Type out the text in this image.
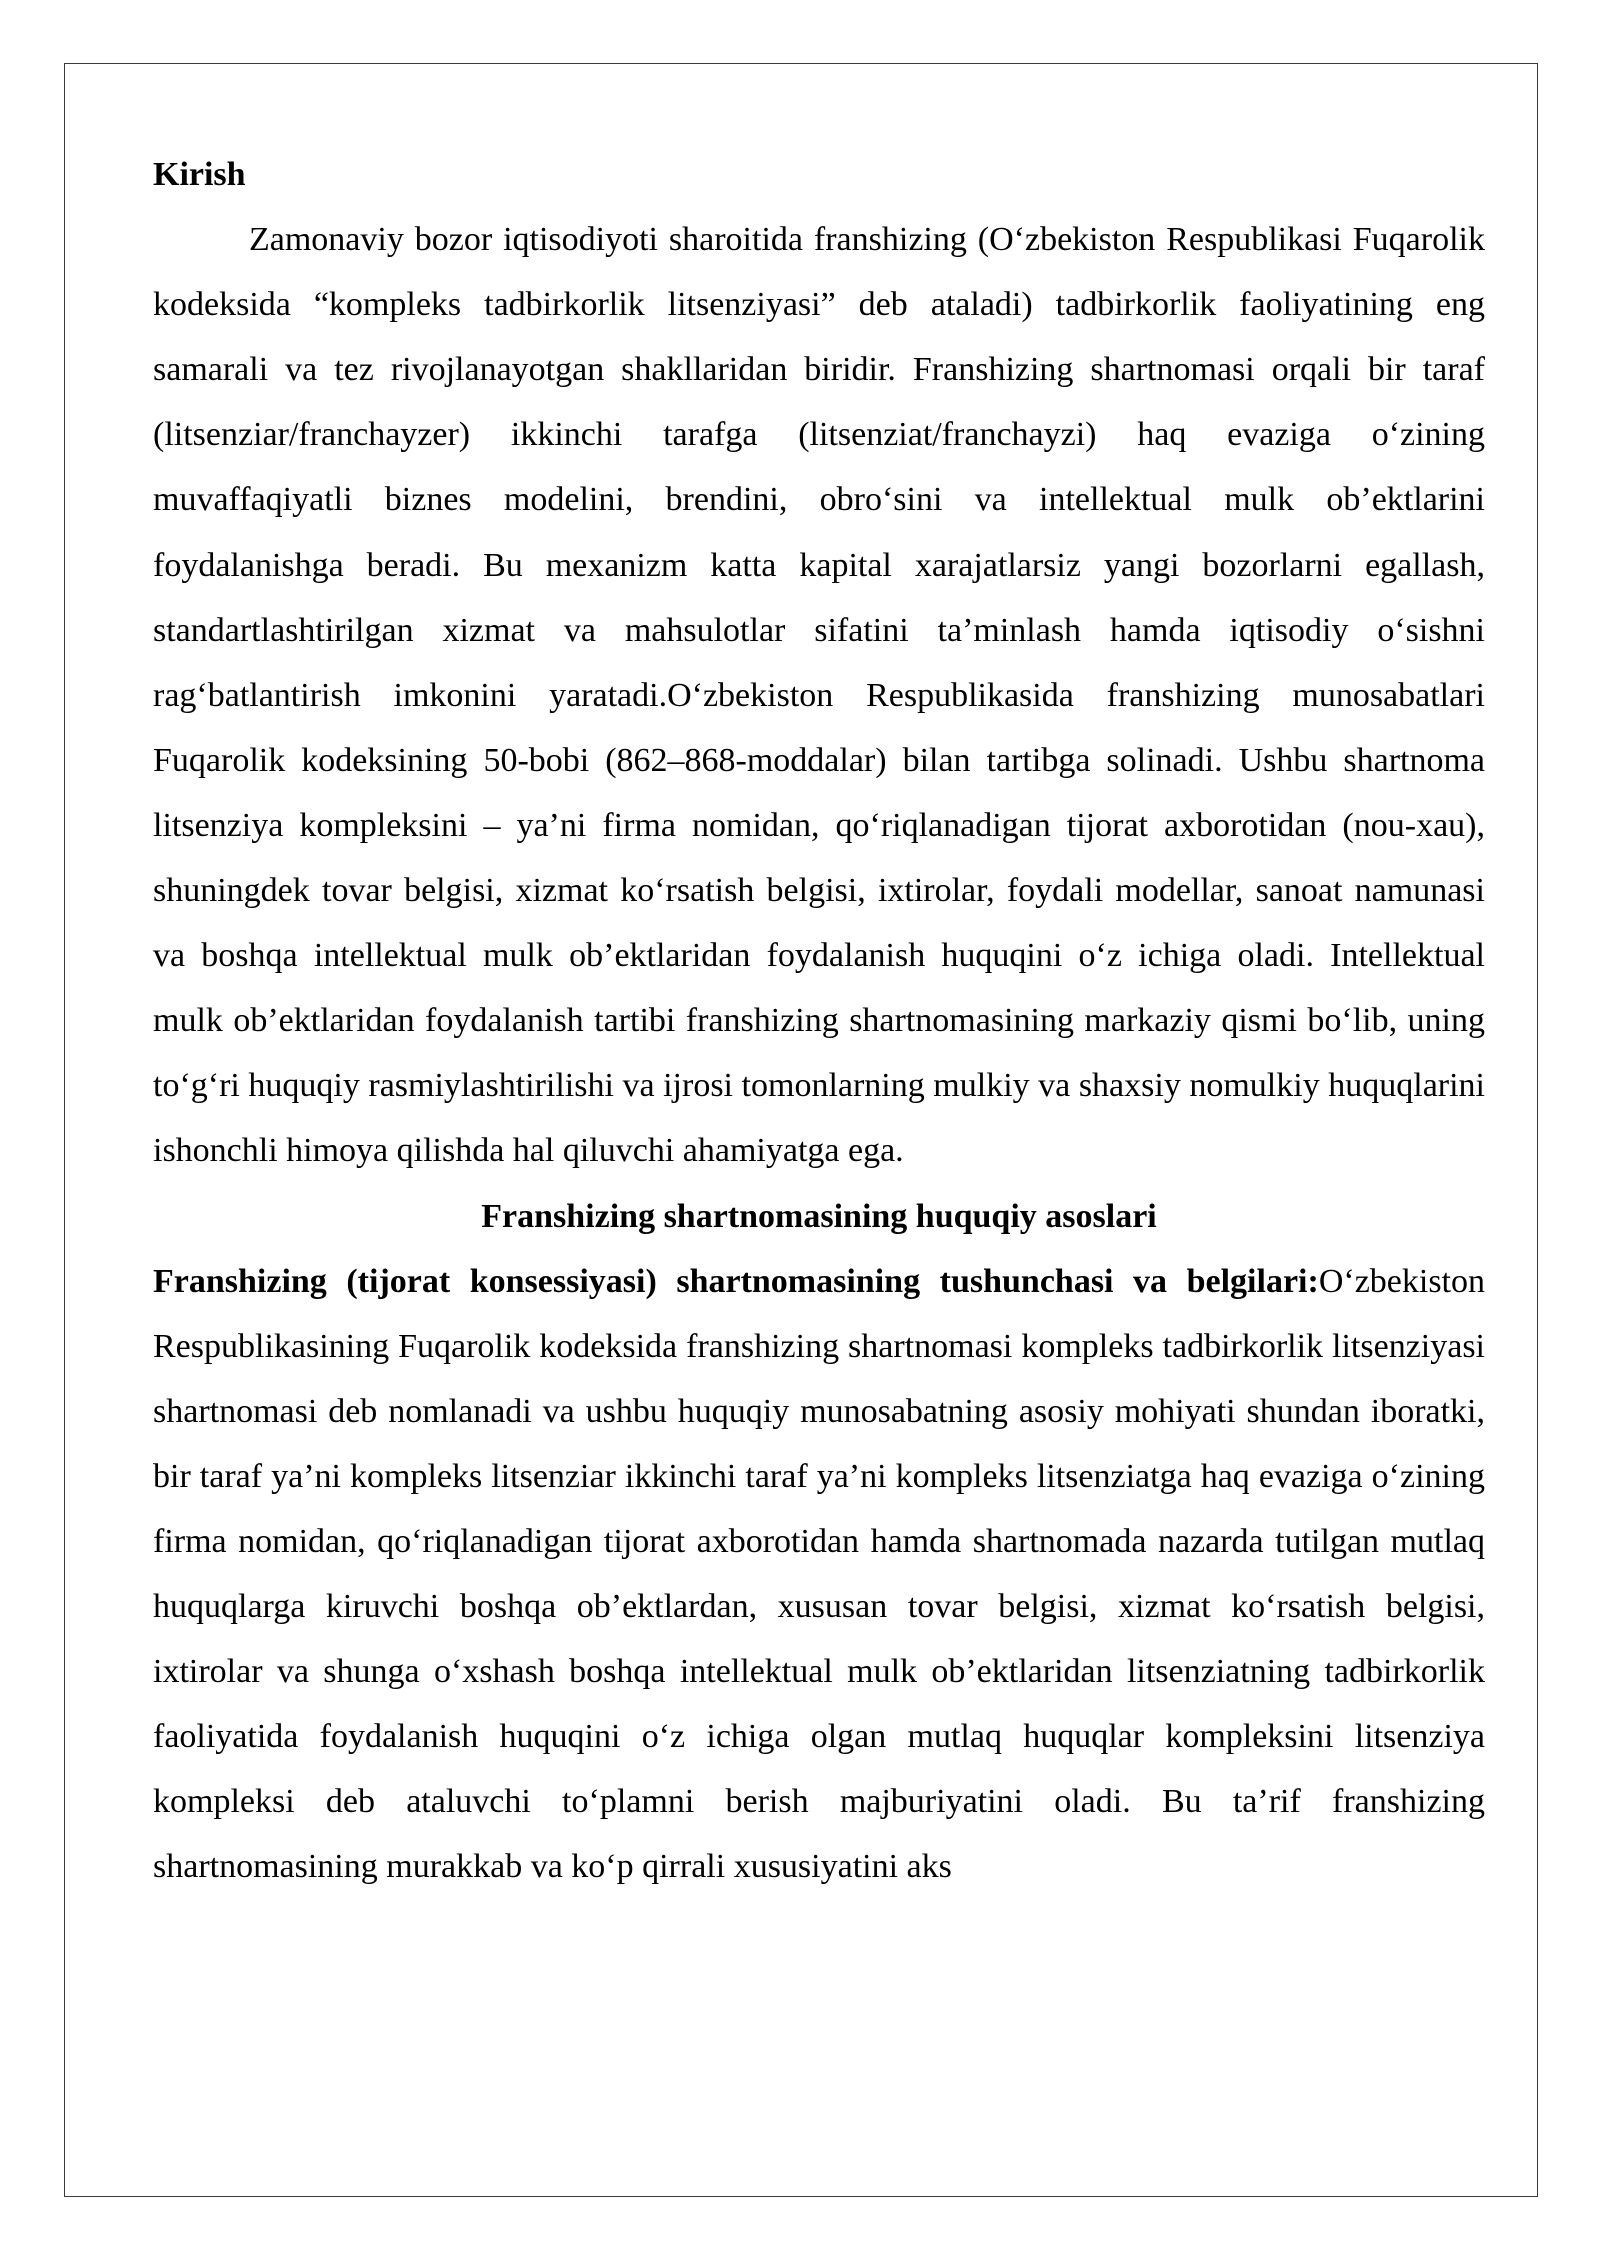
Kirish

Zamonaviy bozor iqtisodiyoti sharoitida franshizing (O‘zbekiston Respublikasi Fuqarolik kodeksida “kompleks tadbirkorlik litsenziyasi” deb ataladi) tadbirkorlik faoliyatining eng samarali va tez rivojlanayotgan shakllaridan biridir. Franshizing shartnomasi orqali bir taraf (litsenziar/franchayzer) ikkinchi tarafga (litsenziat/franchayzi) haq evaziga o‘zining muvaffaqiyatli biznes modelini, brendini, obro‘sini va intellektual mulk ob’ektlarini foydalanishga beradi. Bu mexanizm katta kapital xarajatlarsiz yangi bozorlarni egallash, standartlashtirilgan xizmat va mahsulotlar sifatini ta’minlash hamda iqtisodiy o‘sishni rag‘batlantirish imkonini yaratadi.O‘zbekiston Respublikasida franshizing munosabatlari Fuqarolik kodeksining 50-bobi (862–868-moddalar) bilan tartibga solinadi. Ushbu shartnoma litsenziya kompleksini – ya’ni firma nomidan, qo‘riqlanadigan tijorat axborotidan (nou-xau), shuningdek tovar belgisi, xizmat ko‘rsatish belgisi, ixtirolar, foydali modellar, sanoat namunasi va boshqa intellektual mulk ob’ektlaridan foydalanish huquqini o‘z ichiga oladi. Intellektual mulk ob’ektlaridan foydalanish tartibi franshizing shartnomasining markaziy qismi bo‘lib, uning to‘g‘ri huquqiy rasmiylashtirilishi va ijrosi tomonlarning mulkiy va shaxsiy nomulkiy huquqlarini ishonchli himoya qilishda hal qiluvchi ahamiyatga ega.

Franshizing shartnomasining huquqiy asoslari

Franshizing (tijorat konsessiyasi) shartnomasining tushunchasi va belgilari:O‘zbekiston Respublikasining Fuqarolik kodeksida franshizing shartnomasi kompleks tadbirkorlik litsenziyasi shartnomasi deb nomlanadi va ushbu huquqiy munosabatning asosiy mohiyati shundan iboratki, bir taraf ya’ni kompleks litsenziar ikkinchi taraf ya’ni kompleks litsenziatga haq evaziga o‘zining firma nomidan, qo‘riqlanadigan tijorat axborotidan hamda shartnomada nazarda tutilgan mutlaq huquqlarga kiruvchi boshqa ob’ektlardan, xususan tovar belgisi, xizmat ko‘rsatish belgisi, ixtirolar va shunga o‘xshash boshqa intellektual mulk ob’ektlaridan litsenziatning tadbirkorlik faoliyatida foydalanish huquqini o‘z ichiga olgan mutlaq huquqlar kompleksini litsenziya kompleksi deb ataluvchi to‘plamni berish majburiyatini oladi. Bu ta’rif franshizing shartnomasining murakkab va ko‘p qirrali xususiyatini aks
